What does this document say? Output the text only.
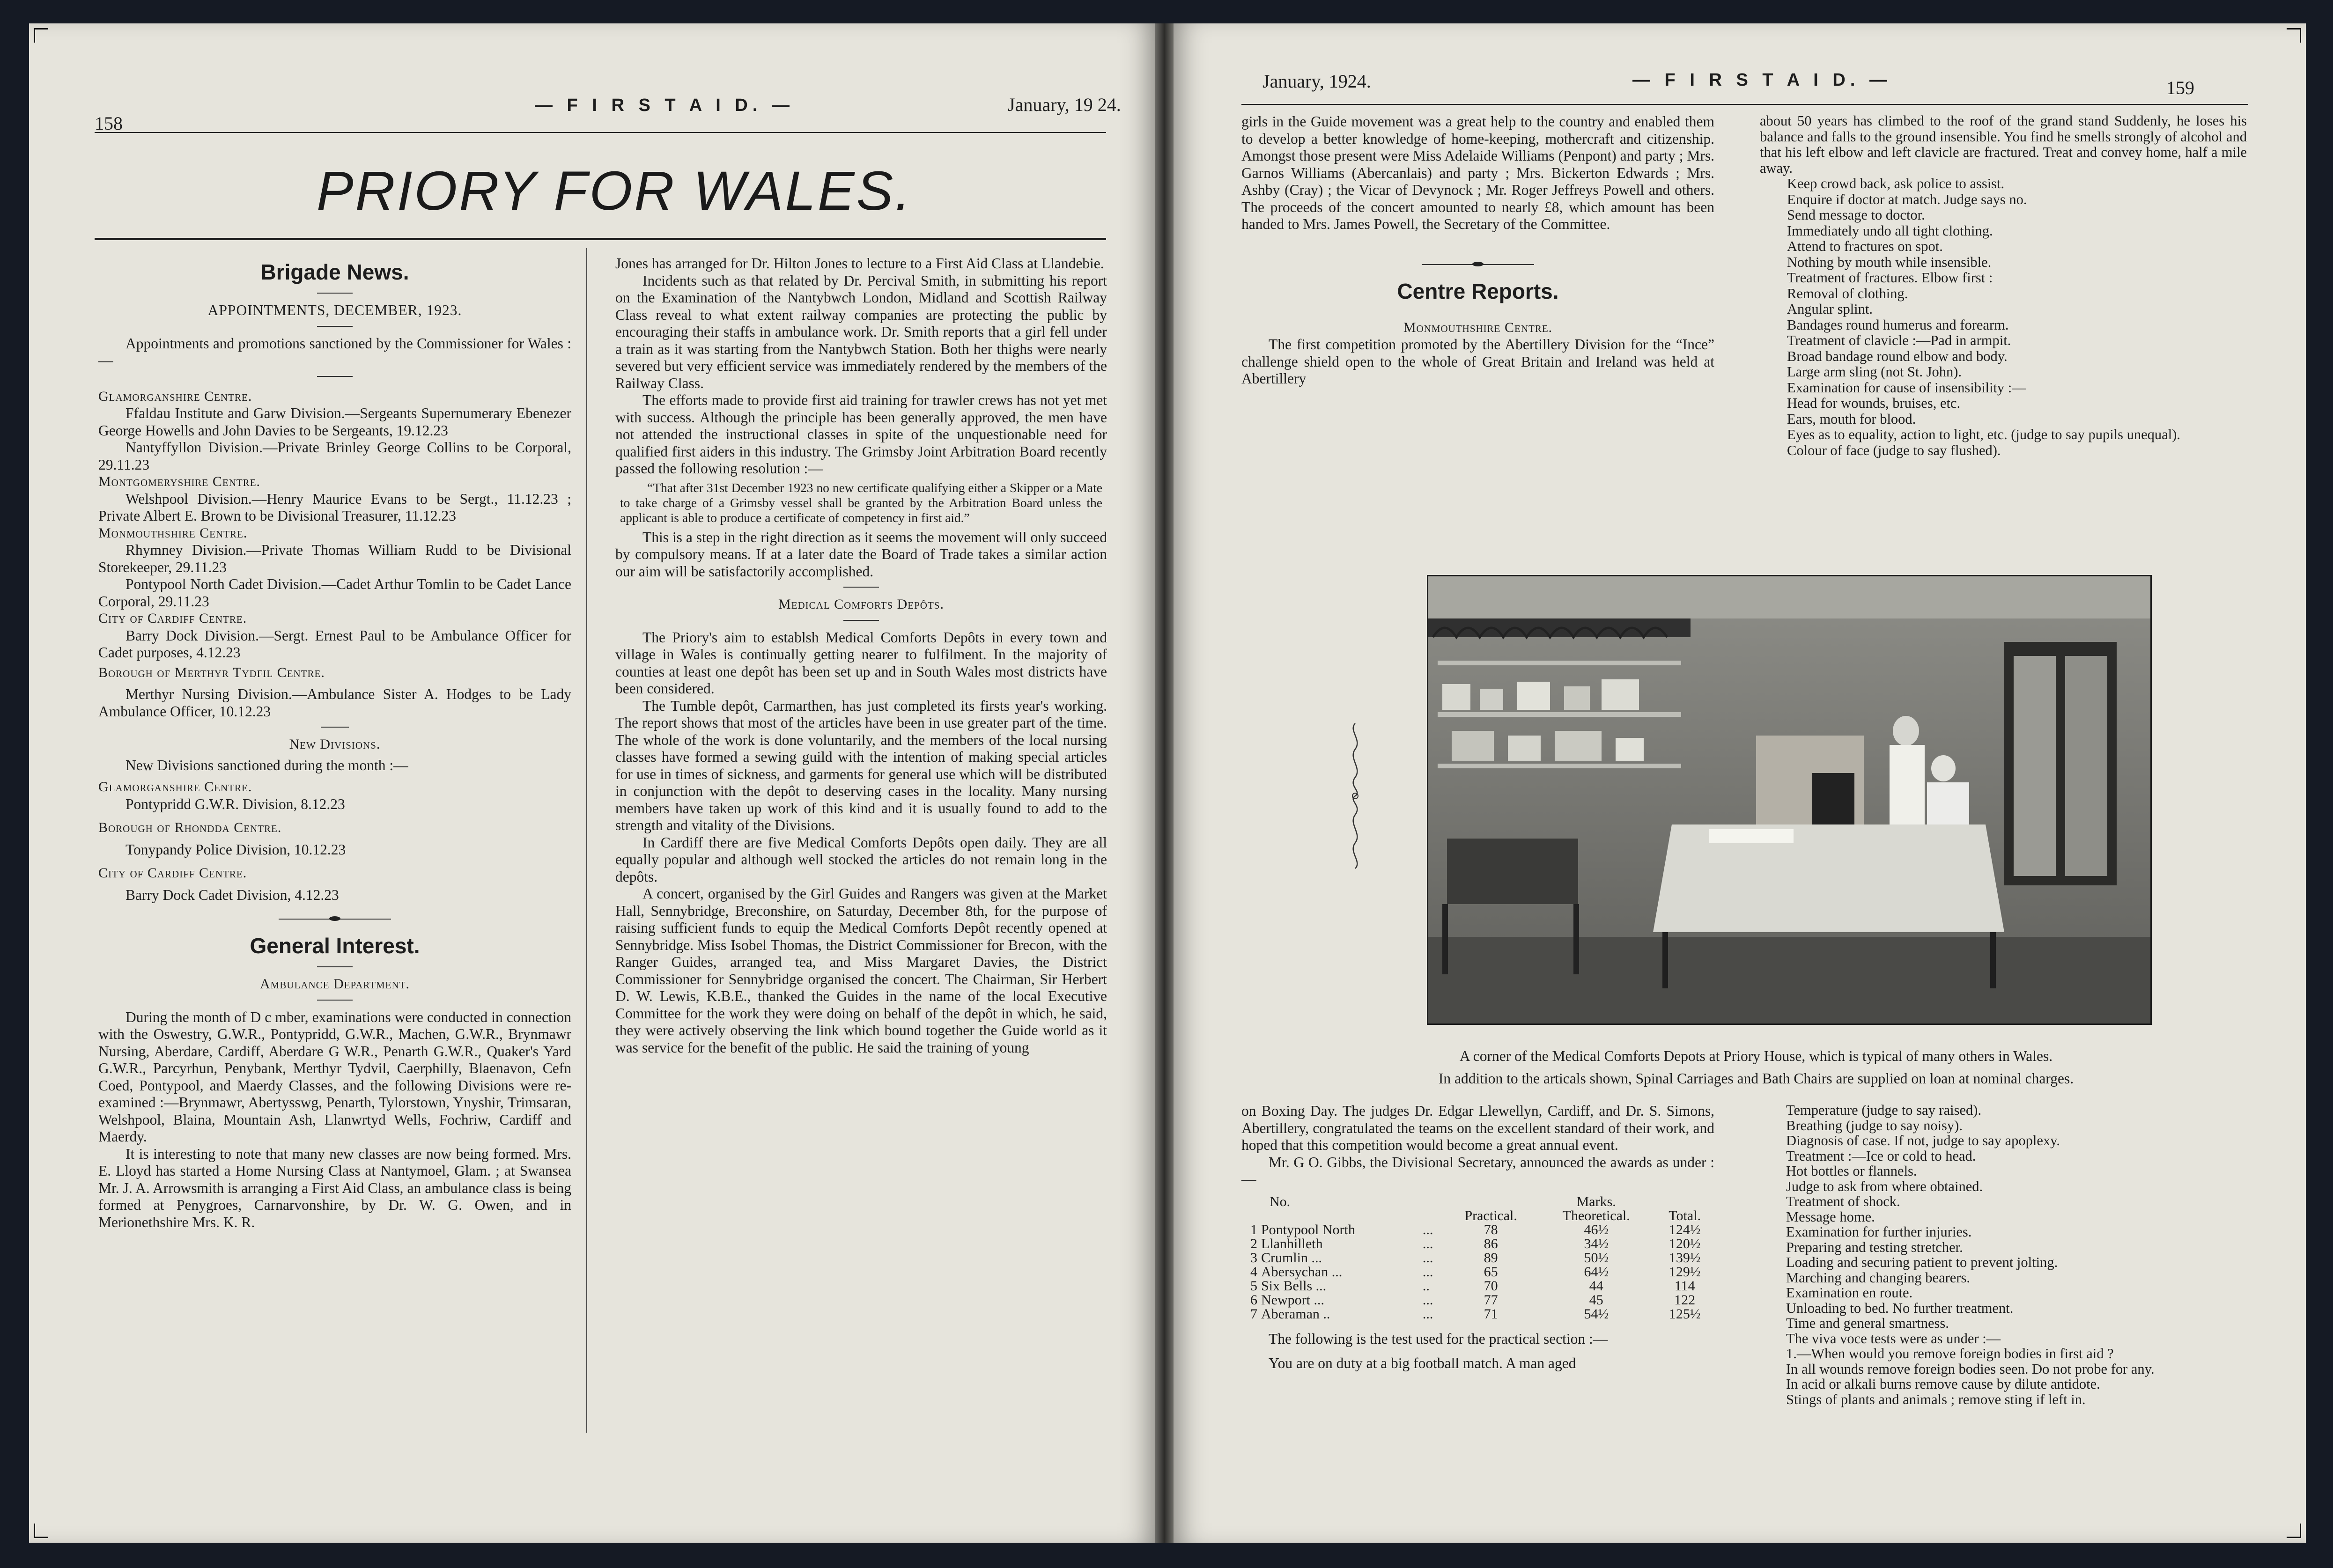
158
— F I R S T A I D. —	January, 19 24.
PRIORY FOR WALES.

Brigade News.

APPOINTMENTS, DECEMBER, 1923.

Appointments and promotions sanctioned by the Commissioner for Wales :—

Glamorganshire Centre.

Ffaldau Institute and Garw Division.—Sergeants Supernumerary Ebenezer George Howells and John Davies to be Sergeants, 19.12.23

Nantyffyllon Division.—Private Brinley George Collins to be Corporal, 29.11.23

Montgomeryshire Centre.

Welshpool Division.—Henry Maurice Evans to be Sergt., 11.12.23 ; Private Albert E. Brown to be Divisional Treasurer, 11.12.23

Monmouthshire Centre.

Rhymney Division.—Private Thomas William Rudd to be Divisional Storekeeper, 29.11.23

Pontypool North Cadet Division.—Cadet Arthur Tomlin to be Cadet Lance Corporal, 29.11.23

City of Cardiff Centre.

Barry Dock Division.—Sergt. Ernest Paul to be Ambulance Officer for Cadet purposes, 4.12.23

Borough of Merthyr Tydfil Centre.

Merthyr Nursing Division.—Ambulance Sister A. Hodges to be Lady Ambulance Officer, 10.12.23

New Divisions.

New Divisions sanctioned during the month :—

Glamorganshire Centre.

Pontypridd G.W.R. Division, 8.12.23

Borough of Rhondda Centre.

Tonypandy Police Division, 10.12.23

City of Cardiff Centre.

Barry Dock Cadet Division, 4.12.23

General Interest.

Ambulance Department.

During the month of D c mber, examinations were conducted in connection with the Oswestry, G.W.R., Pontypridd, G.W.R., Machen, G.W.R., Brynmawr Nursing, Aberdare, Cardiff, Aberdare G W.R., Penarth G.W.R., Quaker's Yard G.W.R., Parcyrhun, Penybank, Merthyr Tydvil, Caerphilly, Blaenavon, Cefn Coed, Pontypool, and Maerdy Classes, and the following Divisions were re-examined :—Brynmawr, Abertysswg, Penarth, Tylorstown, Ynyshir, Trimsaran, Welshpool, Blaina, Mountain Ash, Llanwrtyd Wells, Fochriw, Cardiff and Maerdy.

It is interesting to note that many new classes are now being formed. Mrs. E. Lloyd has started a Home Nursing Class at Nantymoel, Glam. ; at Swansea Mr. J. A. Arrowsmith is arranging a First Aid Class, an ambulance class is being formed at Penygroes, Carnarvonshire, by Dr. W. G. Owen, and in Merionethshire Mrs. K. R.

Jones has arranged for Dr. Hilton Jones to lecture to a First Aid Class at Llandebie.

Incidents such as that related by Dr. Percival Smith, in submitting his report on the Examination of the Nantybwch London, Midland and Scottish Railway Class reveal to what extent railway companies are protecting the public by encouraging their staffs in ambulance work. Dr. Smith reports that a girl fell under a train as it was starting from the Nantybwch Station. Both her thighs were nearly severed but very efficient service was immediately rendered by the members of the Railway Class.

The efforts made to provide first aid training for trawler crews has not yet met with success. Although the principle has been generally approved, the men have not attended the instructional classes in spite of the unquestionable need for qualified first aiders in this industry. The Grimsby Joint Arbitration Board recently passed the following resolution :—

“That after 31st December 1923 no new certificate qualifying either a Skipper or a Mate to take charge of a Grimsby vessel shall be granted by the Arbitration Board unless the applicant is able to produce a certificate of competency in first aid.”

This is a step in the right direction as it seems the movement will only succeed by compulsory means. If at a later date the Board of Trade takes a similar action our aim will be satisfactorily accomplished.

Medical Comforts Depôts.

The Priory's aim to establsh Medical Comforts Depôts in every town and village in Wales is continually getting nearer to fulfilment. In the majority of counties at least one depôt has been set up and in South Wales most districts have been considered.

The Tumble depôt, Carmarthen, has just completed its firsts year's working. The report shows that most of the articles have been in use greater part of the time. The whole of the work is done voluntarily, and the members of the local nursing classes have formed a sewing guild with the intention of making special articles for use in times of sickness, and garments for general use which will be distributed in conjunction with the depôt to deserving cases in the locality. Many nursing members have taken up work of this kind and it is usually found to add to the strength and vitality of the Divisions.

In Cardiff there are five Medical Comforts Depôts open daily. They are all equally popular and although well stocked the articles do not remain long in the depôts.

A concert, organised by the Girl Guides and Rangers was given at the Market Hall, Sennybridge, Breconshire, on Saturday, December 8th, for the purpose of raising sufficient funds to equip the Medical Comforts Depôt recently opened at Sennybridge. Miss Isobel Thomas, the District Commissioner for Brecon, with the Ranger Guides, arranged tea, and Miss Margaret Davies, the District Commissioner for Sennybridge organised the concert. The Chairman, Sir Herbert D. W. Lewis, K.B.E., thanked the Guides in the name of the local Executive Committee for the work they were doing on behalf of the depôt in which, he said, they were actively observing the link which bound together the Guide world as it was service for the benefit of the public. He said the training of young

January, 1924.	— F I R S T A I D. —	159

girls in the Guide movement was a great help to the country and enabled them to develop a better knowledge of home-keeping, mothercraft and citizenship. Amongst those present were Miss Adelaide Williams (Penpont) and party ; Mrs. Garnos Williams (Abercanlais) and party ; Mrs. Bickerton Edwards ; Mrs. Ashby (Cray) ; the Vicar of Devynock ; Mr. Roger Jeffreys Powell and others. The proceeds of the concert amounted to nearly £8, which amount has been handed to Mrs. James Powell, the Secretary of the Committee.

Centre Reports.

Monmouthshire Centre.

The first competition promoted by the Abertillery Division for the “Ince” challenge shield open to the whole of Great Britain and Ireland was held at Abertillery

about 50 years has climbed to the roof of the grand stand Suddenly, he loses his balance and falls to the ground insensible. You find he smells strongly of alcohol and that his left elbow and left clavicle are fractured. Treat and convey home, half a mile away.

Keep crowd back, ask police to assist.

Enquire if doctor at match. Judge says no.

Send message to doctor.

Immediately undo all tight clothing.

Attend to fractures on spot.

Nothing by mouth while insensible.

Treatment of fractures. Elbow first :

Removal of clothing.

Angular splint.

Bandages round humerus and forearm.

Treatment of clavicle :—Pad in armpit.

Broad bandage round elbow and body.

Large arm sling (not St. John).

Examination for cause of insensibility :—

Head for wounds, bruises, etc.

Ears, mouth for blood.

Eyes as to equality, action to light, etc. (judge to say pupils unequal).

Colour of face (judge to say flushed).

A corner of the Medical Comforts Depots at Priory House, which is typical of many others in Wales.
In addition to the articals shown, Spinal Carriages and Bath Chairs are supplied on loan at nominal charges.

on Boxing Day. The judges Dr. Edgar Llewellyn, Cardiff, and Dr. S. Simons, Abertillery, congratulated the teams on the excellent standard of their work, and hoped that this competition would become a great annual event.

Mr. G O. Gibbs, the Divisional Secretary, announced the awards as under :—

No.				Marks.	
			Practical.	Theoretical.	Total.
1	Pontypool North	...	78	46½	124½
2	Llanhilleth	...	86	34½	120½
3	Crumlin ...	...	89	50½	139½
4	Abersychan ...	...	65	64½	129½
5	Six Bells ...	..	70	44	114
6	Newport ...	...	77	45	122
7	Aberaman ..	...	71	54½	125½

The following is the test used for the practical section :—

You are on duty at a big football match. A man aged

Temperature (judge to say raised).

Breathing (judge to say noisy).

Diagnosis of case. If not, judge to say apoplexy.

Treatment :—Ice or cold to head.

Hot bottles or flannels.

Judge to ask from where obtained.

Treatment of shock.

Message home.

Examination for further injuries.

Preparing and testing stretcher.

Loading and securing patient to prevent jolting.

Marching and changing bearers.

Examination en route.

Unloading to bed. No further treatment.

Time and general smartness.

The viva voce tests were as under :—

1.—When would you remove foreign bodies in first aid ?

In all wounds remove foreign bodies seen. Do not probe for any.

In acid or alkali burns remove cause by dilute antidote.

Stings of plants and animals ; remove sting if left in.
